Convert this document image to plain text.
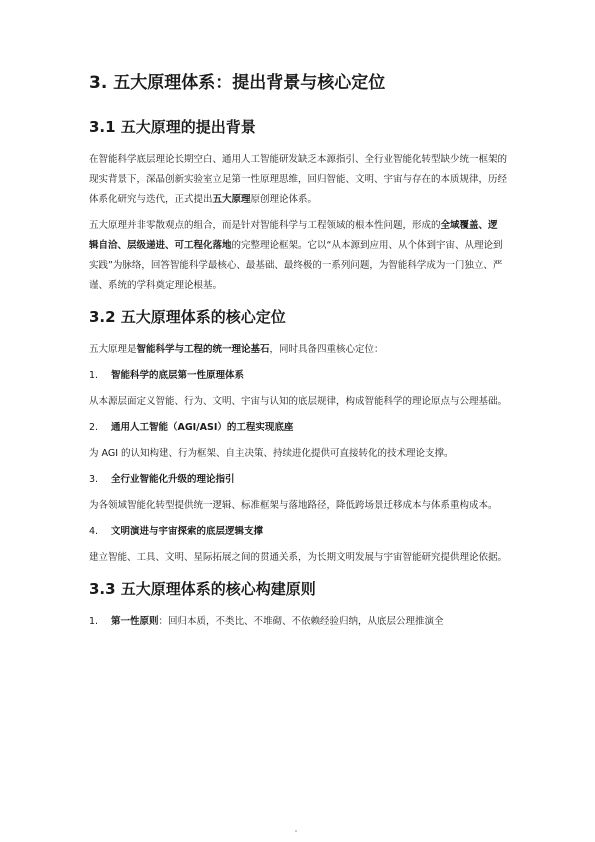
3. 五大原理体系：提出背景与核心定位
3.1 五大原理的提出背景

在智能科学底层理论长期空白、通用人工智能研发缺乏本源指引、全行业智能化转型缺少统一框架的现实背景下，深晶创新实验室立足第一性原理思维，回归智能、文明、宇宙与存在的本质规律，历经体系化研究与迭代，正式提出五大原理原创理论体系。

五大原理并非零散观点的组合，而是针对智能科学与工程领域的根本性问题，形成的全域覆盖、逻辑自洽、层级递进、可工程化落地的完整理论框架。它以“从本源到应用、从个体到宇宙、从理论到实践”为脉络，回答智能科学最核心、最基础、最终极的一系列问题，为智能科学成为一门独立、严谨、系统的学科奠定理论根基。

3.2 五大原理体系的核心定位

五大原理是智能科学与工程的统一理论基石，同时具备四重核心定位：

1.	智能科学的底层第一性原理体系

从本源层面定义智能、行为、文明、宇宙与认知的底层规律，构成智能科学的理论原点与公理基础。

2.	通用人工智能（AGI/ASI）的工程实现底座

为 AGI 的认知构建、行为框架、自主决策、持续进化提供可直接转化的技术理论支撑。

3.	全行业智能化升级的理论指引

为各领域智能化转型提供统一逻辑、标准框架与落地路径，降低跨场景迁移成本与体系重构成本。

4.	文明演进与宇宙探索的底层逻辑支撑

建立智能、工具、文明、星际拓展之间的贯通关系，为长期文明发展与宇宙智能研究提供理论依据。

3.3 五大原理体系的核心构建原则
1.	第一性原则：回归本质，不类比、不堆砌、不依赖经验归纳，从底层公理推演全
